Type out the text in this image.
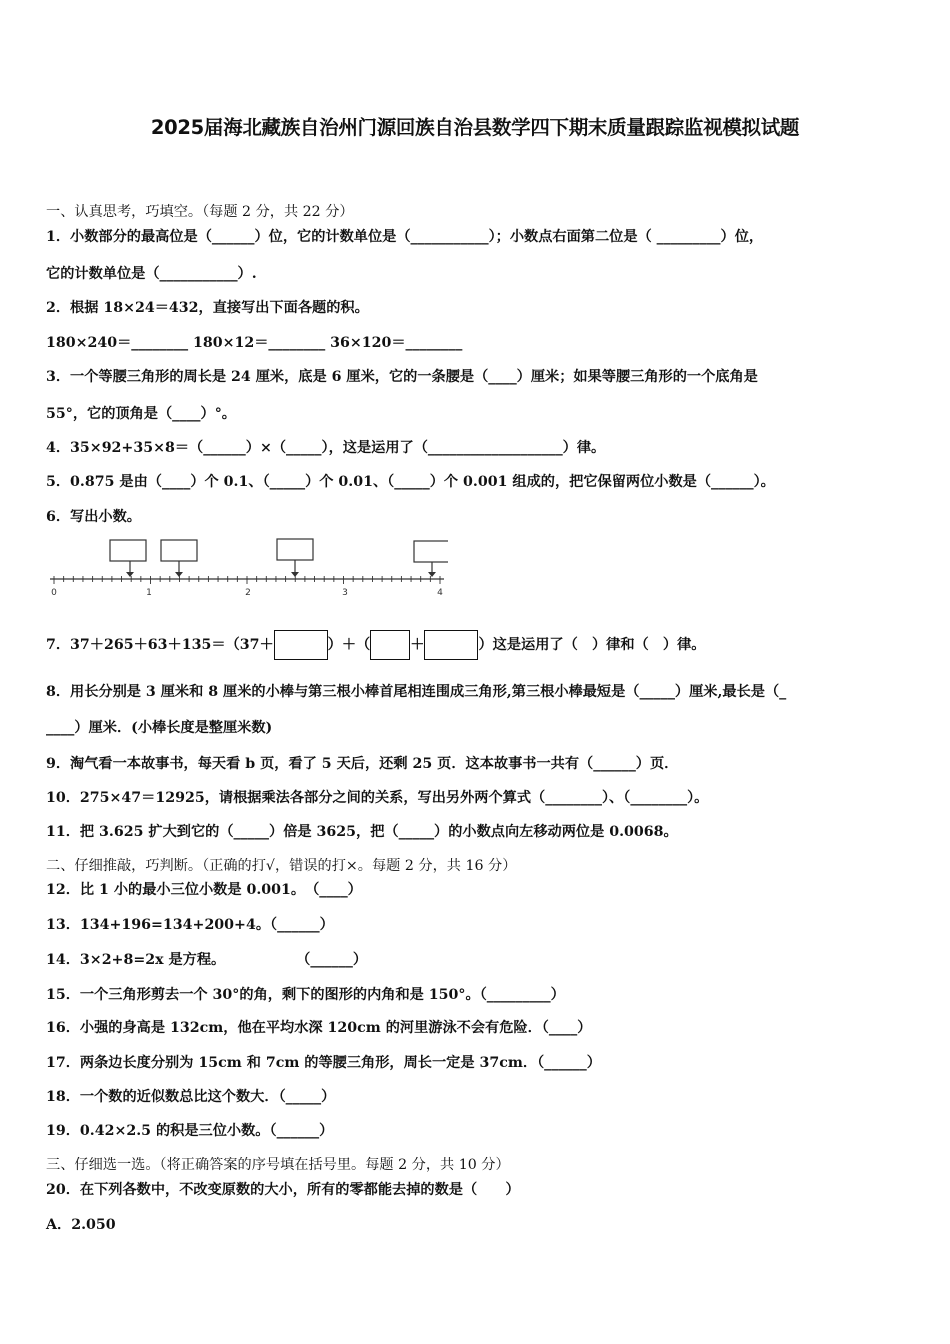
2025届海北藏族自治州门源回族自治县数学四下期末质量跟踪监视模拟试题
一、认真思考，巧填空。（每题 2 分，共 22 分）
1．小数部分的最高位是（______）位，它的计数单位是（___________）；小数点右面第二位是（ _________）位，
它的计数单位是（___________）.
2．根据 18×24＝432，直接写出下面各题的积。
180×240＝________ 180×12＝________ 36×120＝________
3．一个等腰三角形的周长是 24 厘米，底是 6 厘米，它的一条腰是（____）厘米；如果等腰三角形的一个底角是
55°，它的顶角是（____）°。
4．35×92+35×8＝（______）×（_____），这是运用了（___________________）律。
5．0.875 是由（____）个 0.1、（_____）个 0.01、（_____）个 0.001 组成的，把它保留两位小数是（______）。
6．写出小数。
0	1	2	3	4
7．37＋265＋63＋135＝（37＋	）＋（	＋	）这是运用了（　）律和（　）律。
8．用长分别是 3 厘米和 8 厘米的小棒与第三根小棒首尾相连围成三角形,第三根小棒最短是（_____）厘米,最长是（_
____）厘米．(小棒长度是整厘米数)
9．淘气看一本故事书，每天看 b 页，看了 5 天后，还剩 25 页．这本故事书一共有（______）页．
10．275×47＝12925，请根据乘法各部分之间的关系，写出另外两个算式（________）、（________）。
11．把 3.625 扩大到它的（_____）倍是 3625，把（_____）的小数点向左移动两位是 0.0068。
二、仔细推敲，巧判断。（正确的打√，错误的打×。每题 2 分，共 16 分）
12．比 1 小的最小三位小数是 0.001。　（____）
13．134+196=134+200+4。（______）
14．3×2+8=2x 是方程。　　　　　　（______）
15．一个三角形剪去一个 30°的角，剩下的图形的内角和是 150°。（_________）
16．小强的身高是 132cm，他在平均水深 120cm 的河里游泳不会有危险．（____）
17．两条边长度分别为 15cm 和 7cm 的等腰三角形，周长一定是 37cm．（______）
18．一个数的近似数总比这个数大．（_____）
19．0.42×2.5 的积是三位小数。（______）
三、仔细选一选。（将正确答案的序号填在括号里。每题 2 分，共 10 分）
20．在下列各数中，不改变原数的大小，所有的零都能去掉的数是（　　）
A．2.050
